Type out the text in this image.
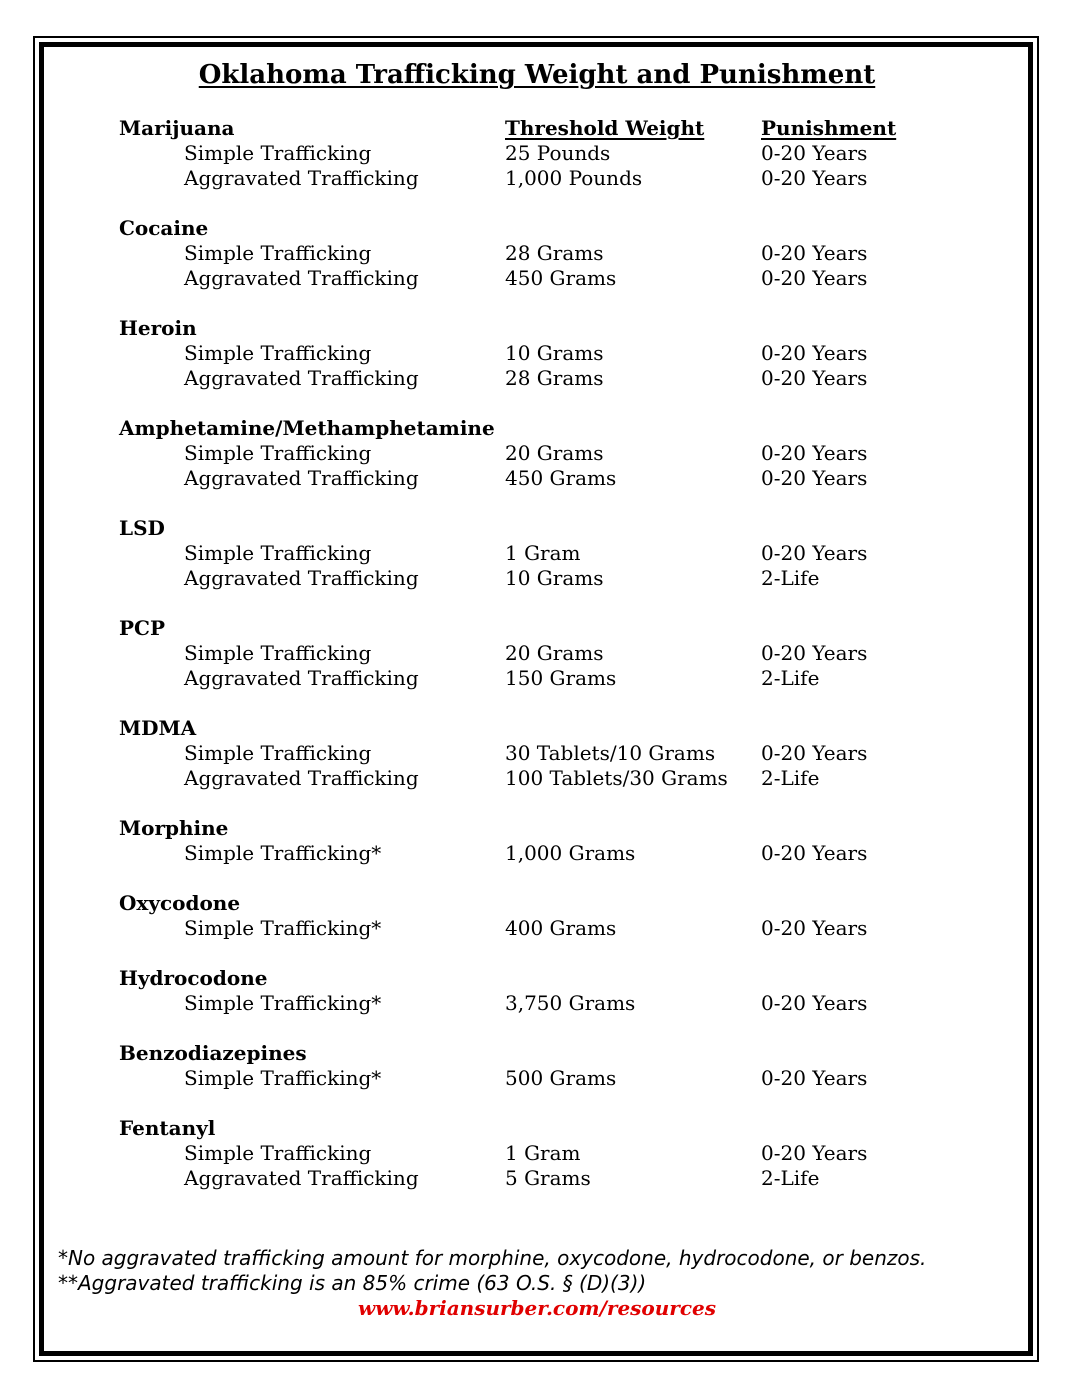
Oklahoma Trafficking Weight and Punishment
Marijuana	Threshold Weight	Punishment
Simple Trafficking	25 Pounds	0-20 Years
Aggravated Trafficking	1,000 Pounds	0-20 Years
Cocaine
Simple Trafficking	28 Grams	0-20 Years
Aggravated Trafficking	450 Grams	0-20 Years
Heroin
Simple Trafficking	10 Grams	0-20 Years
Aggravated Trafficking	28 Grams	0-20 Years
Amphetamine/Methamphetamine
Simple Trafficking	20 Grams	0-20 Years
Aggravated Trafficking	450 Grams	0-20 Years
LSD
Simple Trafficking	1 Gram	0-20 Years
Aggravated Trafficking	10 Grams	2-Life
PCP
Simple Trafficking	20 Grams	0-20 Years
Aggravated Trafficking	150 Grams	2-Life
MDMA
Simple Trafficking	30 Tablets/10 Grams 0-20 Years
Aggravated Trafficking	100 Tablets/30 Grams 2-Life
Morphine
Simple Trafficking*	1,000 Grams	0-20 Years
Oxycodone
Simple Trafficking*	400 Grams	0-20 Years
Hydrocodone
Simple Trafficking*	3,750 Grams	0-20 Years
Benzodiazepines
Simple Trafficking*	500 Grams	0-20 Years
Fentanyl
Simple Trafficking	1 Gram	0-20 Years
Aggravated Trafficking	5 Grams	2-Life
*No aggravated trafficking amount for morphine, oxycodone, hydrocodone, or benzos.
**Aggravated trafficking is an 85% crime (63 O.S. § (D)(3))
www.briansurber.com/resources
